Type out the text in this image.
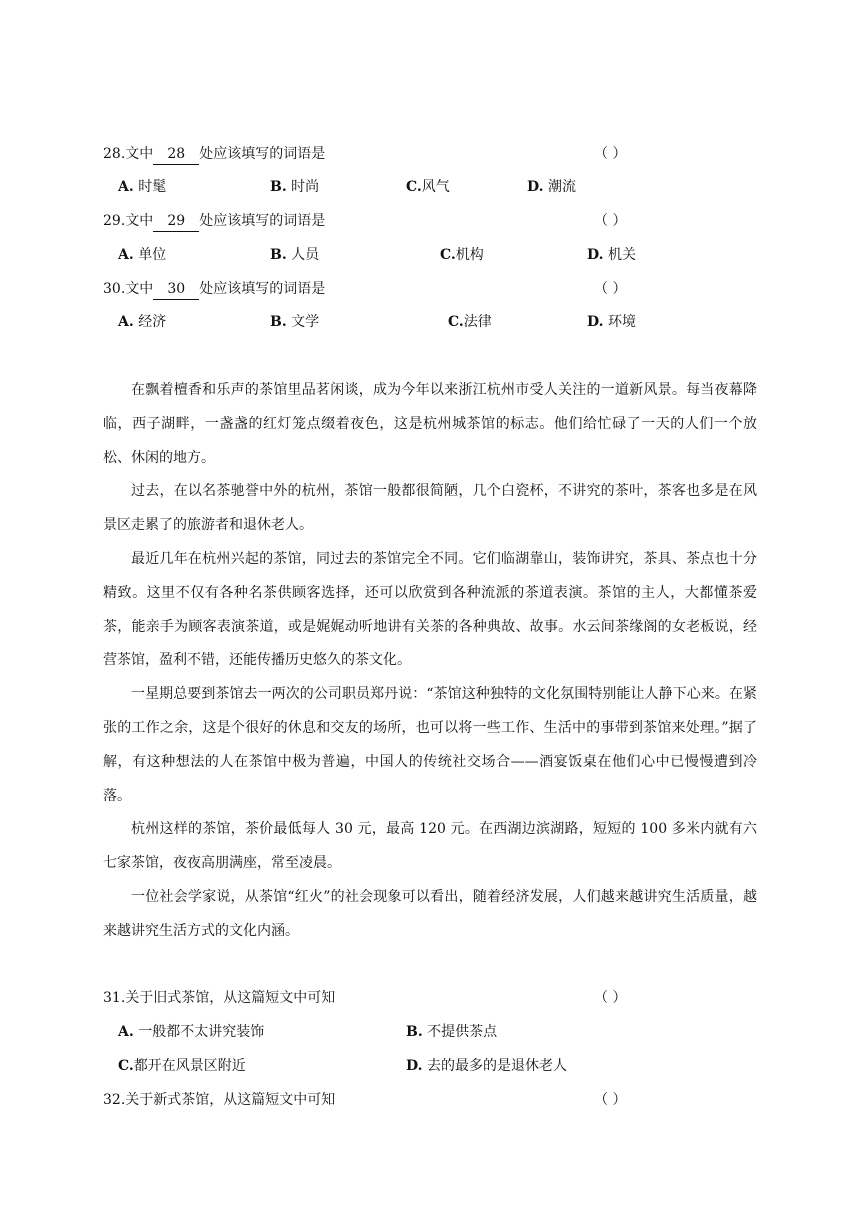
28.文中 28 处应该填写的词语是	（ ）
A. 时髦	B. 时尚	C.风气	D. 潮流
29.文中 29 处应该填写的词语是	（ ）
A. 单位	B. 人员	C.机构	D. 机关
30.文中 30 处应该填写的词语是	（ ）
A. 经济	B. 文学	C.法律	D. 环境

在飘着檀香和乐声的茶馆里品茗闲谈，成为今年以来浙江杭州市受人关注的一道新风景。每当夜幕降临，西子湖畔，一盏盏的红灯笼点缀着夜色，这是杭州城茶馆的标志。他们给忙碌了一天的人们一个放松、休闲的地方。

过去，在以名茶驰誉中外的杭州，茶馆一般都很简陋，几个白瓷杯，不讲究的茶叶，茶客也多是在风景区走累了的旅游者和退休老人。

最近几年在杭州兴起的茶馆，同过去的茶馆完全不同。它们临湖靠山，装饰讲究，茶具、茶点也十分精致。这里不仅有各种名茶供顾客选择，还可以欣赏到各种流派的茶道表演。茶馆的主人，大都懂茶爱茶，能亲手为顾客表演茶道，或是娓娓动听地讲有关茶的各种典故、故事。水云间茶缘阁的女老板说，经营茶馆，盈利不错，还能传播历史悠久的茶文化。

一星期总要到茶馆去一两次的公司职员郑丹说：“茶馆这种独特的文化氛围特别能让人静下心来。在紧张的工作之余，这是个很好的休息和交友的场所，也可以将一些工作、生活中的事带到茶馆来处理。”据了解，有这种想法的人在茶馆中极为普遍，中国人的传统社交场合——酒宴饭桌在他们心中已慢慢遭到冷落。

杭州这样的茶馆，茶价最低每人 30 元，最高 120 元。在西湖边滨湖路，短短的 100 多米内就有六七家茶馆，夜夜高朋满座，常至凌晨。

一位社会学家说，从茶馆“红火”的社会现象可以看出，随着经济发展，人们越来越讲究生活质量，越来越讲究生活方式的文化内涵。

31.关于旧式茶馆，从这篇短文中可知	（ ）
A. 一般都不太讲究装饰	B. 不提供茶点
C.都开在风景区附近	D. 去的最多的是退休老人
32.关于新式茶馆，从这篇短文中可知	（ ）
